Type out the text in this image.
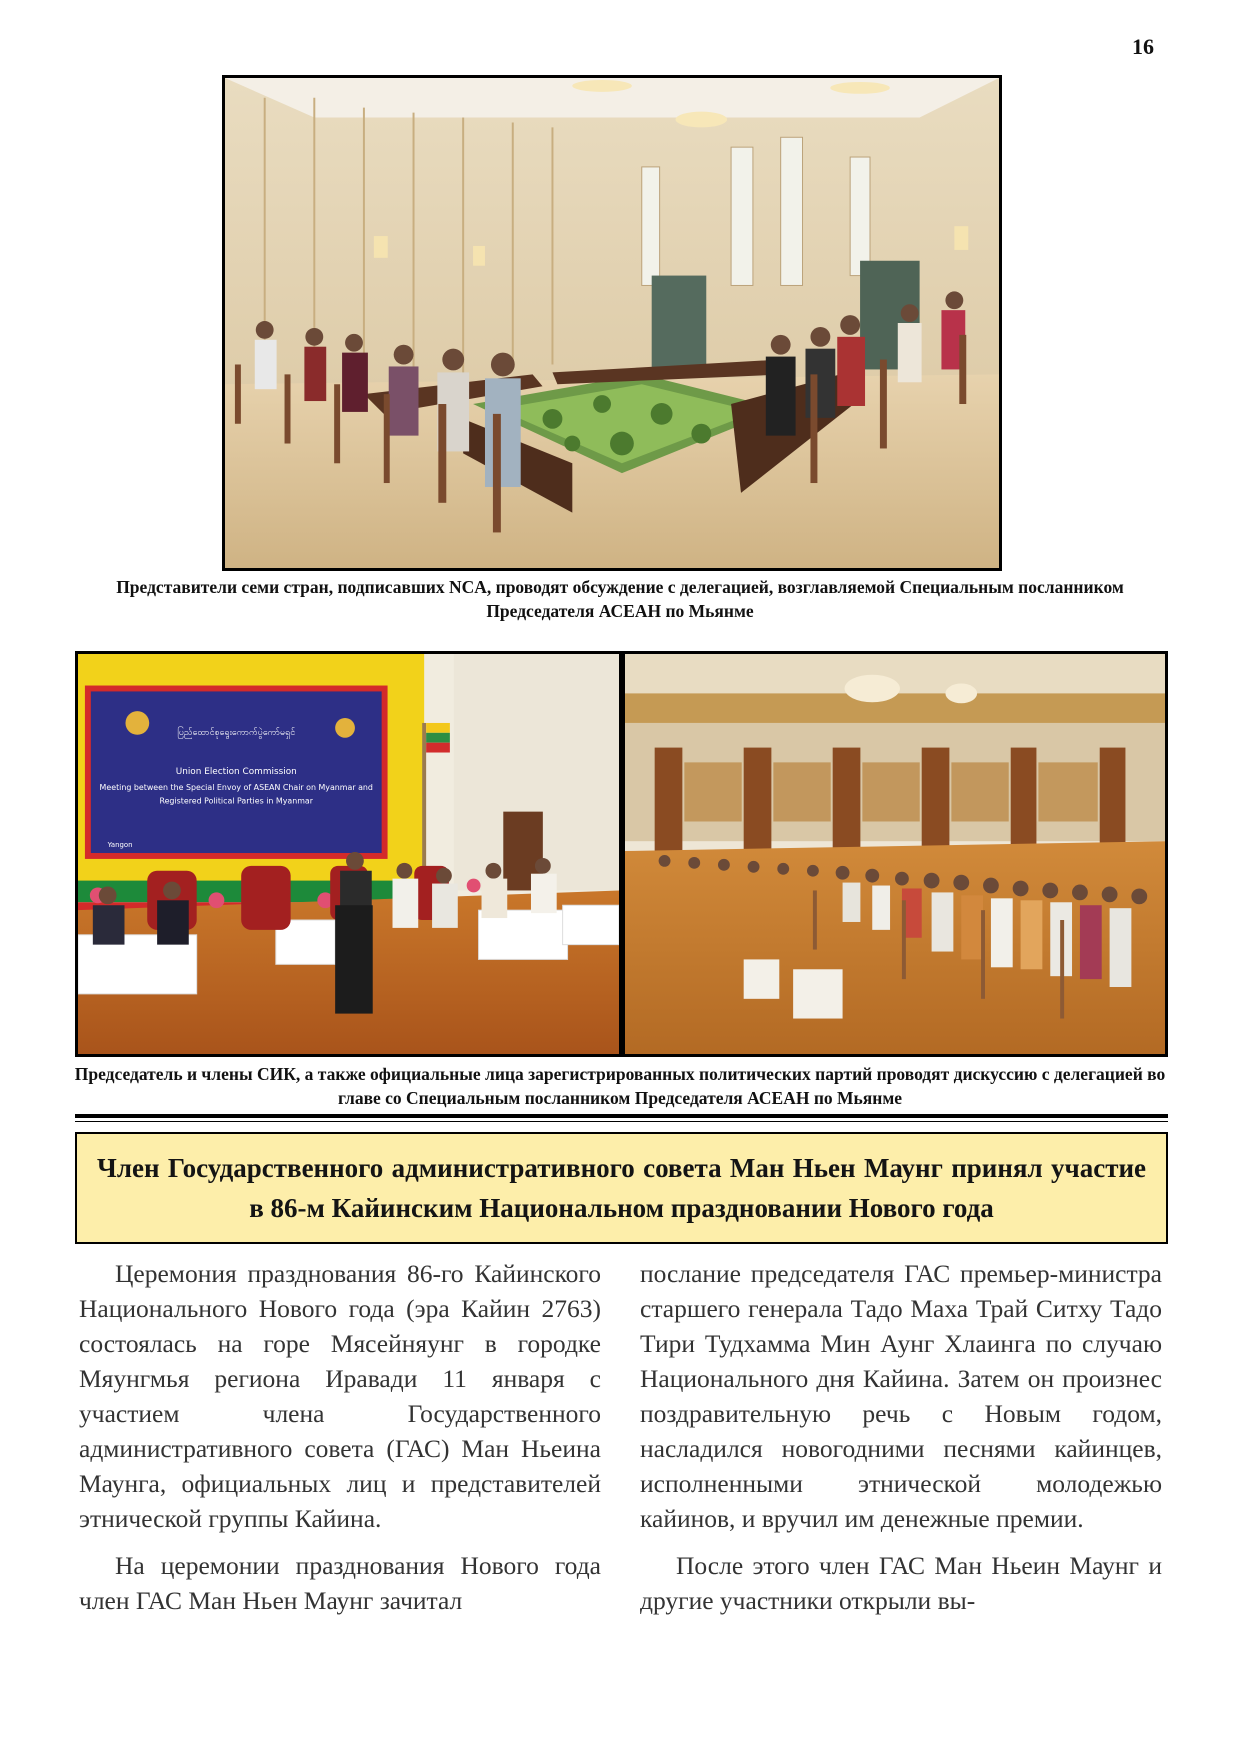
16
Представители семи стран, подписавших NCA, проводят обсуждение с делегацией, возглавляемой Специальным посланником Председателя АСЕАН по Мьянме
ပြည်ထောင်စုရွေးကောက်ပွဲကော်မရှင်
Union Election Commission
Meeting between the Special Envoy of ASEAN Chair on Myanmar and
Registered Political Parties in Myanmar
Yangon
Председатель и члены СИК, а также официальные лица зарегистрированных политических партий проводят дискуссию с делегацией во главе со Специальным посланником Председателя АСЕАН по Мьянме
Член Государственного административного совета Ман Ньен Маунг принял участие в 86-м Кайинским Национальном праздновании Нового года

Церемония празднования 86-го Кайинского Национального Нового года (эра Кайин 2763) состоялась на горе Мясейняунг в городке Мяунгмья региона Иравади 11 января с участием члена Государственного административного совета (ГАС) Ман Ньеина Маунга, официальных лиц и представителей этнической группы Кайина.

На церемонии празднования Нового года член ГАС Ман Ньен Маунг зачитал

послание председателя ГАС премьер-министра старшего генерала Тадо Маха Трай Ситху Тадо Тири Тудхамма Мин Аунг Хлаинга по случаю Национального дня Кайина. Затем он произнес поздравительную речь с Новым годом, насладился новогодними песнями кайинцев, исполненными этнической молодежью кайинов, и вручил им денежные премии.

После этого член ГАС Ман Ньеин Маунг и другие участники открыли вы-
